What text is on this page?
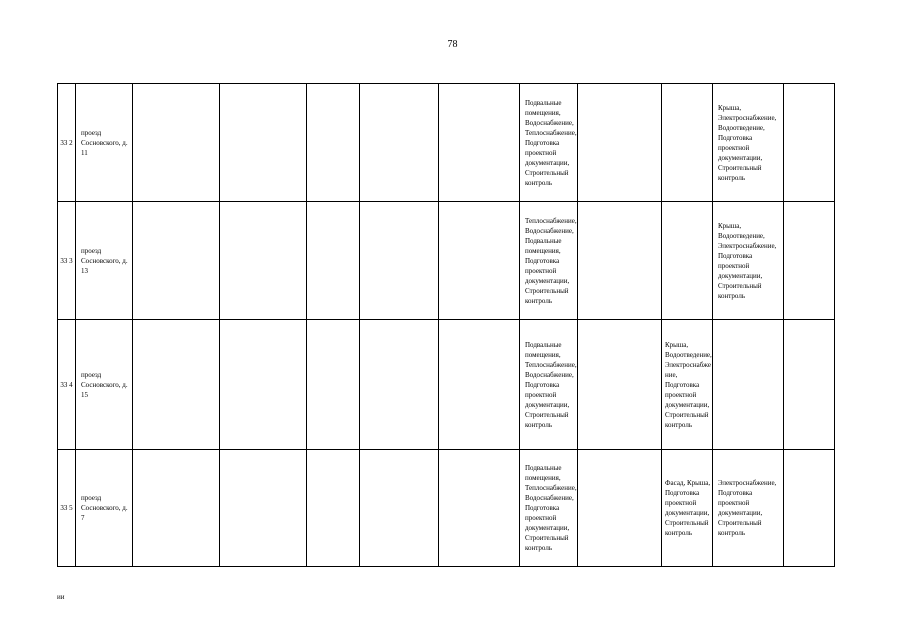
78
33 2	проезд Сосновского, д. 11						Подвальные помещения, Водоснабжение, Теплоснабжение, Подготовка проектной документации, Строительный контроль			Крыша, Электроснабжение, Водоотведение, Подготовка проектной документации, Строительный контроль	
33 3	проезд Сосновского, д. 13						Теплоснабжение, Водоснабжение, Подвальные помещения, Подготовка проектной документации, Строительный контроль			Крыша, Водоотведение, Электроснабжение, Подготовка проектной документации, Строительный контроль	
33 4	проезд Сосновского, д. 15						Подвальные помещения, Теплоснабжение, Водоснабжение, Подготовка проектной документации, Строительный контроль		Крыша, Водоотведение, Электроснабжение, Подготовка проектной документации, Строительный контроль		
33 5	проезд Сосновского, д. 7						Подвальные помещения, Теплоснабжение, Водоснабжение, Подготовка проектной документации, Строительный контроль		Фасад, Крыша, Подготовка проектной документации, Строительный контроль	Электроснабжение, Подготовка проектной документации, Строительный контроль	
ии
